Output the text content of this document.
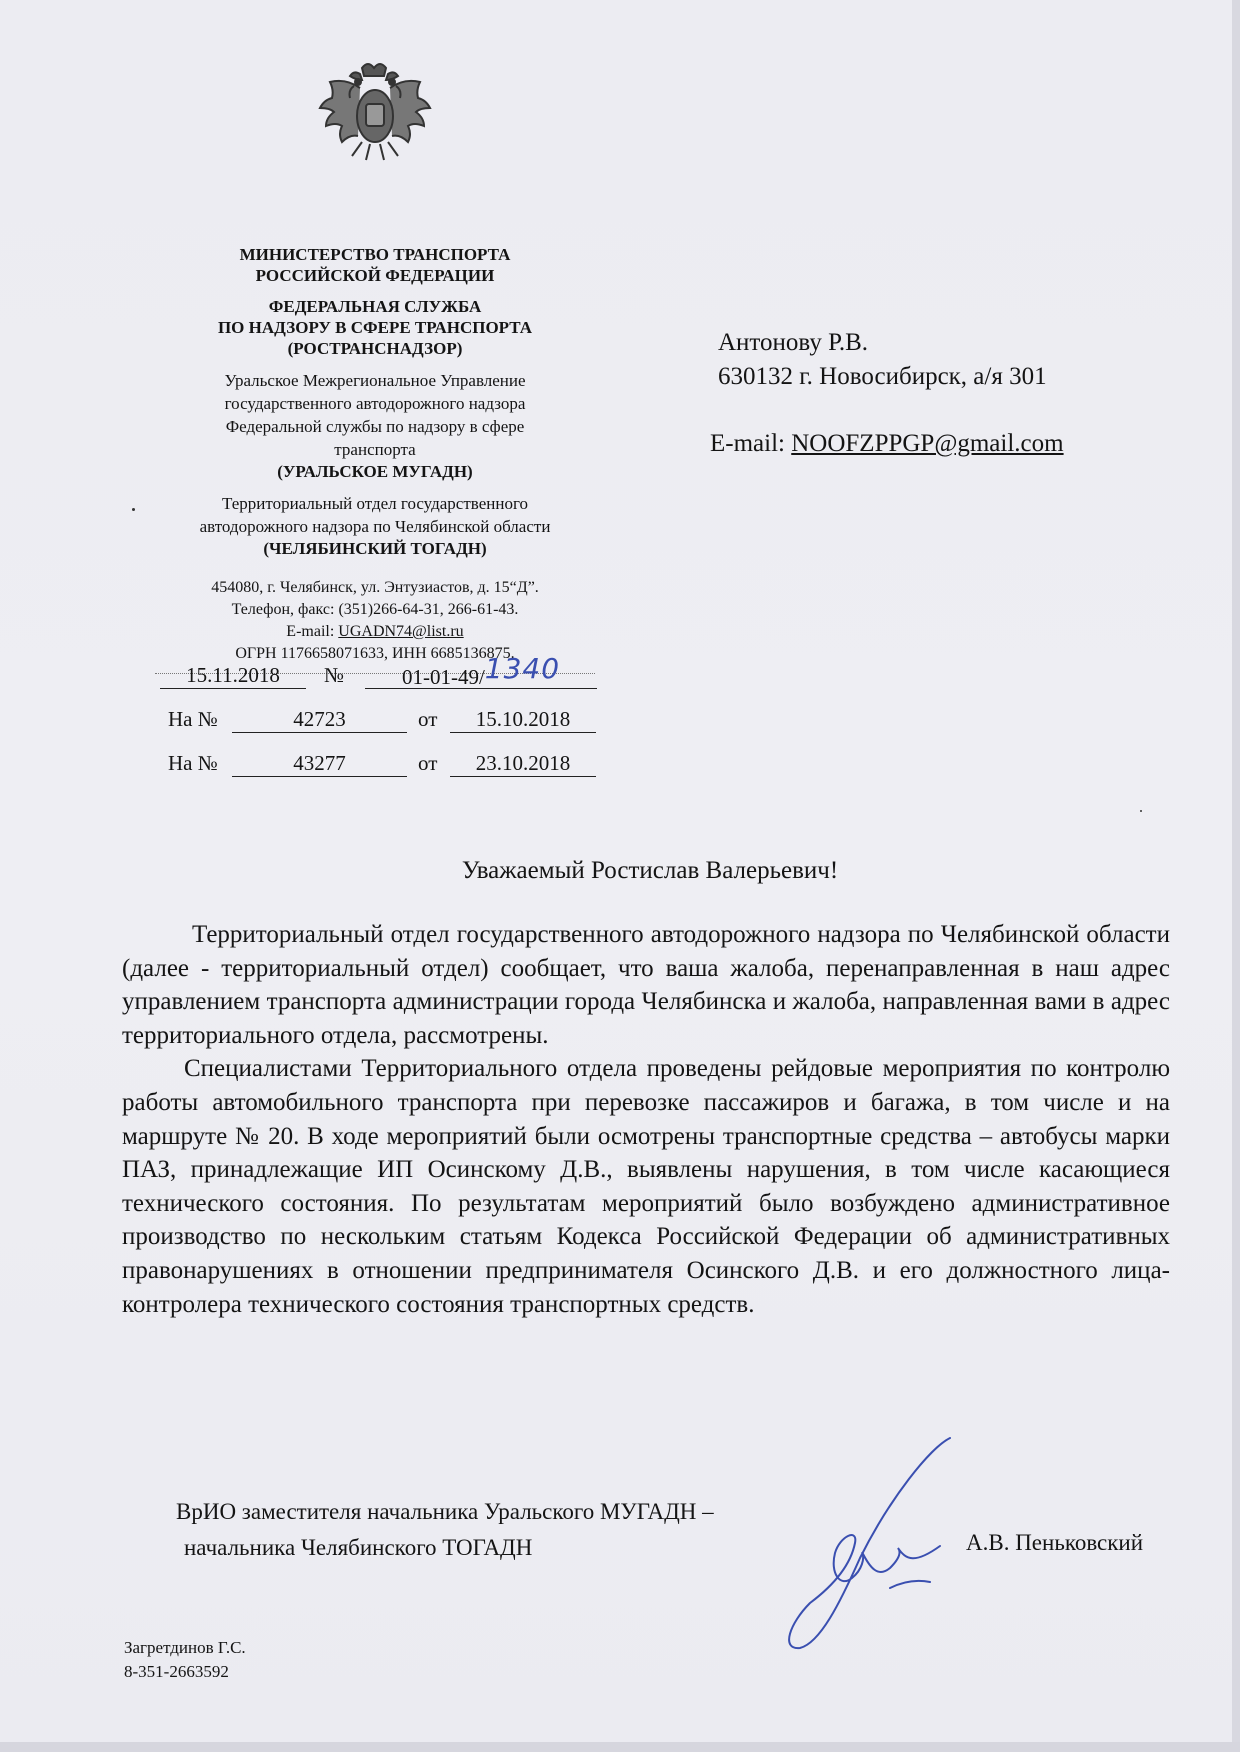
МИНИСТЕРСТВО ТРАНСПОРТА
РОССИЙСКОЙ ФЕДЕРАЦИИ
ФЕДЕРАЛЬНАЯ СЛУЖБА
ПО НАДЗОРУ В СФЕРЕ ТРАНСПОРТА
(РОСТРАНСНАДЗОР)
Уральское Межрегиональное Управление
государственного автодорожного надзора
Федеральной службы по надзору в сфере
транспорта
(УРАЛЬСКОЕ МУГАДН)
Территориальный отдел государственного
автодорожного надзора по Челябинской области
(ЧЕЛЯБИНСКИЙ ТОГАДН)
454080, г. Челябинск, ул. Энтузиастов, д. 15“Д”.
Телефон, факс: (351)266-64-31, 266-61-43.
E-mail: UGADN74@list.ru
ОГРН 1176658071633, ИНН 6685136875.
15.11.2018	№	01-01-49/1340
На №	42723	от	15.10.2018
На №	43277	от	23.10.2018
Антонову Р.В.
630132 г. Новосибирск, а/я 301
E-mail: NOOFZPPGP@gmail.com
Уважаемый Ростислав Валерьевич!

Территориальный отдел государственного автодорожного надзора по Челябинской области (далее - территориальный отдел) сообщает, что ваша жалоба, перенаправленная в наш адрес управлением транспорта администрации города Челябинска и жалоба, направленная вами в адрес территориального отдела, рассмотрены.

Специалистами Территориального отдела проведены рейдовые мероприятия по контролю работы автомобильного транспорта при перевозке пассажиров и багажа, в том числе и на маршруте № 20. В ходе мероприятий были осмотрены транспортные средства – автобусы марки ПАЗ, принадлежащие ИП Осинскому Д.В., выявлены нарушения, в том числе касающиеся технического состояния. По результатам мероприятий было возбуждено административное производство по нескольким статьям Кодекса Российской Федерации об административных правонарушениях в отношении предпринимателя Осинского Д.В. и его должностного лица-контролера технического состояния транспортных средств.

ВрИО заместителя начальника Уральского МУГАДН –
начальника Челябинского ТОГАДН	А.В. Пеньковский
Загретдинов Г.С.
8-351-2663592
